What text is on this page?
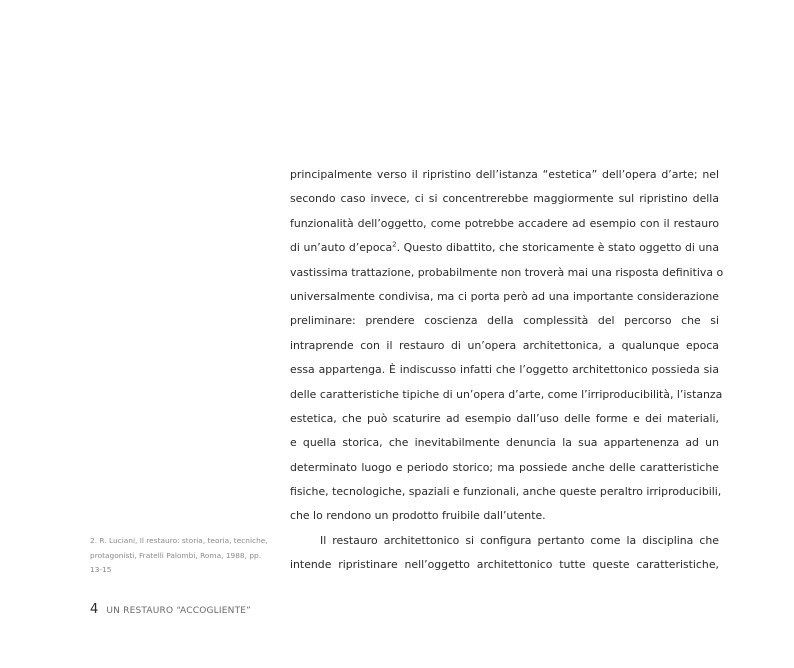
principalmente verso il ripristino dell’istanza “estetica” dell’opera d’arte; nel
secondo caso invece, ci si concentrerebbe maggiormente sul ripristino della
funzionalità dell’oggetto, come potrebbe accadere ad esempio con il restauro
di un’auto d’epoca$^2$. Questo dibattito, che storicamente è stato oggetto di una
vastissima trattazione, probabilmente non troverà mai una risposta definitiva o
universalmente condivisa, ma ci porta però ad una importante considerazione
preliminare: prendere coscienza della complessità del percorso che si
intraprende con il restauro di un’opera architettonica, a qualunque epoca
essa appartenga. È indiscusso infatti che l’oggetto architettonico possieda sia
delle caratteristiche tipiche di un’opera d’arte, come l’irriproducibilità, l’istanza
estetica, che può scaturire ad esempio dall’uso delle forme e dei materiali,
e quella storica, che inevitabilmente denuncia la sua appartenenza ad un
determinato luogo e periodo storico; ma possiede anche delle caratteristiche
fisiche, tecnologiche, spaziali e funzionali, anche queste peraltro irriproducibili,
che lo rendono un prodotto fruibile dall’utente.
Il restauro architettonico si configura pertanto come la disciplina che
intende ripristinare nell’oggetto architettonico tutte queste caratteristiche,
2. R. Luciani, Il restauro: storia, teoria, tecniche,
protagonisti, Fratelli Palombi, Roma, 1988, pp.
13-15
4 UN RESTAURO “ACCOGLIENTE”
